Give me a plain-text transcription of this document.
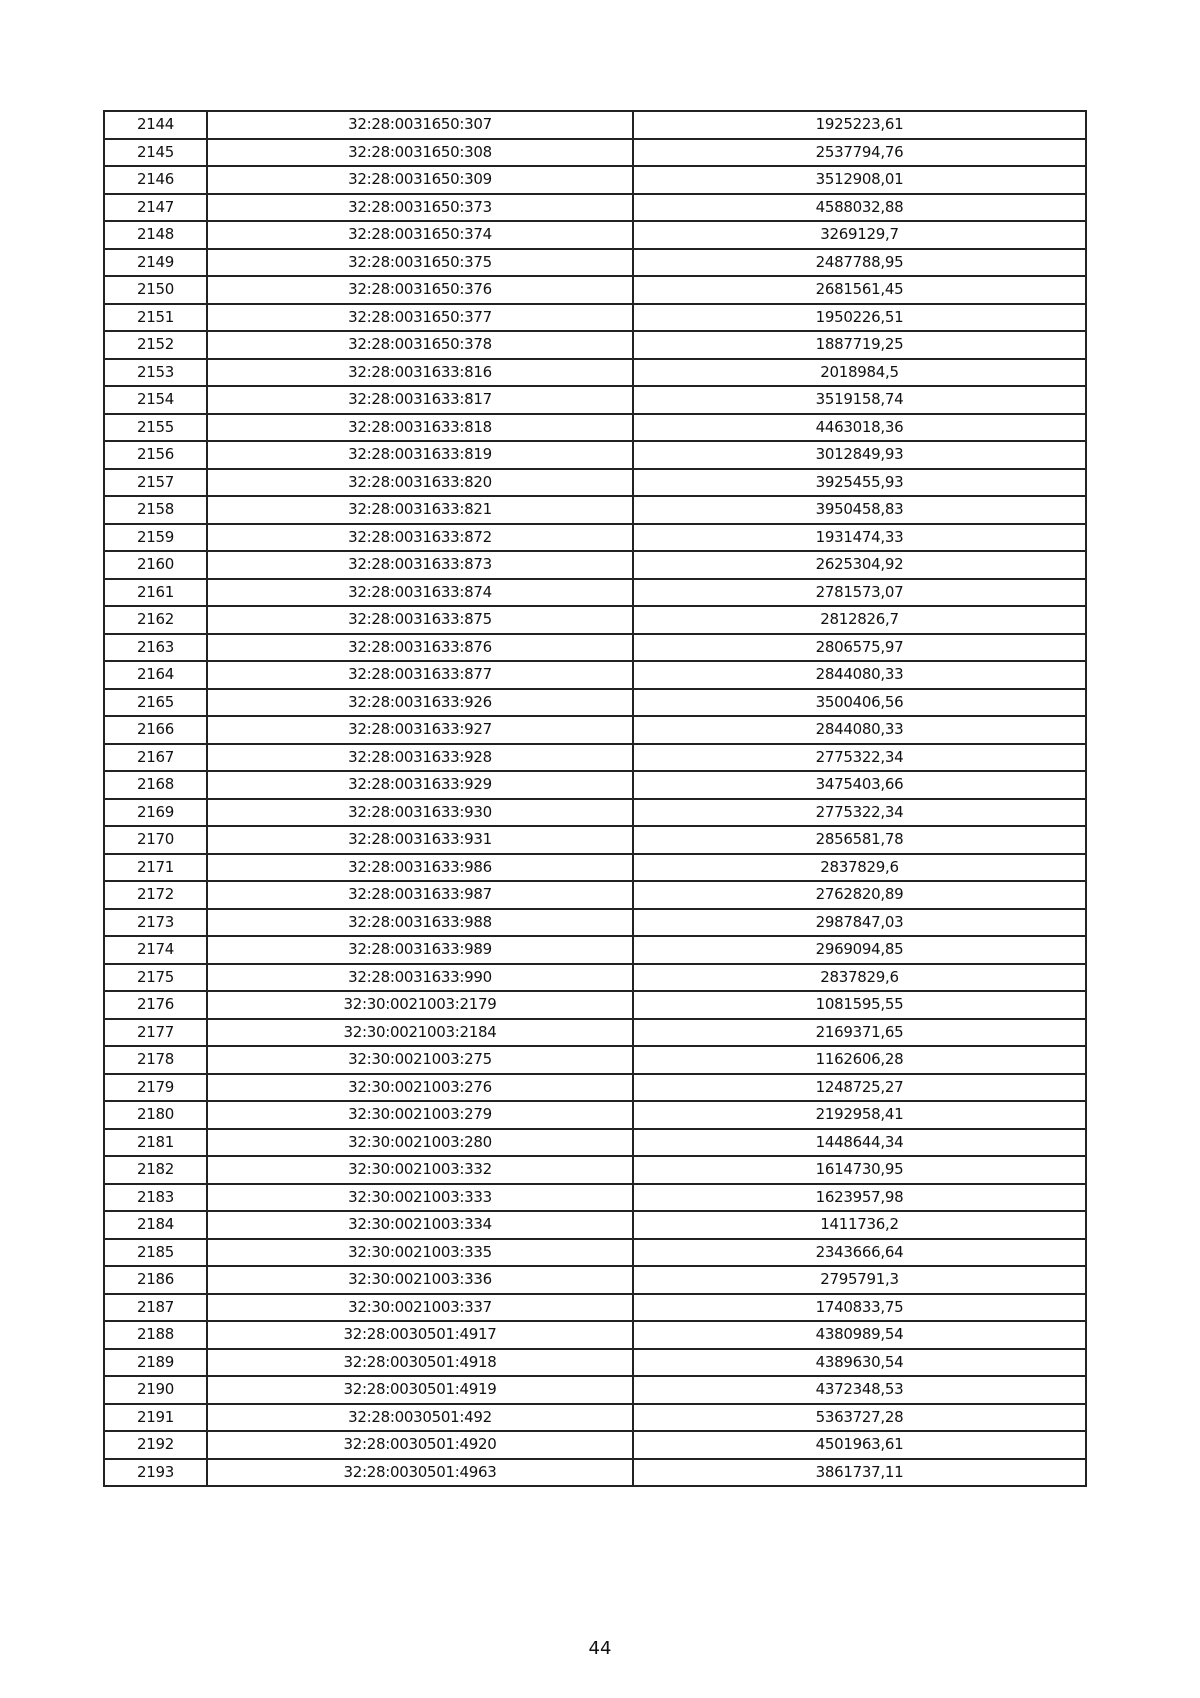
2144	32:28:0031650:307	1925223,61
2145	32:28:0031650:308	2537794,76
2146	32:28:0031650:309	3512908,01
2147	32:28:0031650:373	4588032,88
2148	32:28:0031650:374	3269129,7
2149	32:28:0031650:375	2487788,95
2150	32:28:0031650:376	2681561,45
2151	32:28:0031650:377	1950226,51
2152	32:28:0031650:378	1887719,25
2153	32:28:0031633:816	2018984,5
2154	32:28:0031633:817	3519158,74
2155	32:28:0031633:818	4463018,36
2156	32:28:0031633:819	3012849,93
2157	32:28:0031633:820	3925455,93
2158	32:28:0031633:821	3950458,83
2159	32:28:0031633:872	1931474,33
2160	32:28:0031633:873	2625304,92
2161	32:28:0031633:874	2781573,07
2162	32:28:0031633:875	2812826,7
2163	32:28:0031633:876	2806575,97
2164	32:28:0031633:877	2844080,33
2165	32:28:0031633:926	3500406,56
2166	32:28:0031633:927	2844080,33
2167	32:28:0031633:928	2775322,34
2168	32:28:0031633:929	3475403,66
2169	32:28:0031633:930	2775322,34
2170	32:28:0031633:931	2856581,78
2171	32:28:0031633:986	2837829,6
2172	32:28:0031633:987	2762820,89
2173	32:28:0031633:988	2987847,03
2174	32:28:0031633:989	2969094,85
2175	32:28:0031633:990	2837829,6
2176	32:30:0021003:2179	1081595,55
2177	32:30:0021003:2184	2169371,65
2178	32:30:0021003:275	1162606,28
2179	32:30:0021003:276	1248725,27
2180	32:30:0021003:279	2192958,41
2181	32:30:0021003:280	1448644,34
2182	32:30:0021003:332	1614730,95
2183	32:30:0021003:333	1623957,98
2184	32:30:0021003:334	1411736,2
2185	32:30:0021003:335	2343666,64
2186	32:30:0021003:336	2795791,3
2187	32:30:0021003:337	1740833,75
2188	32:28:0030501:4917	4380989,54
2189	32:28:0030501:4918	4389630,54
2190	32:28:0030501:4919	4372348,53
2191	32:28:0030501:492	5363727,28
2192	32:28:0030501:4920	4501963,61
2193	32:28:0030501:4963	3861737,11
44
